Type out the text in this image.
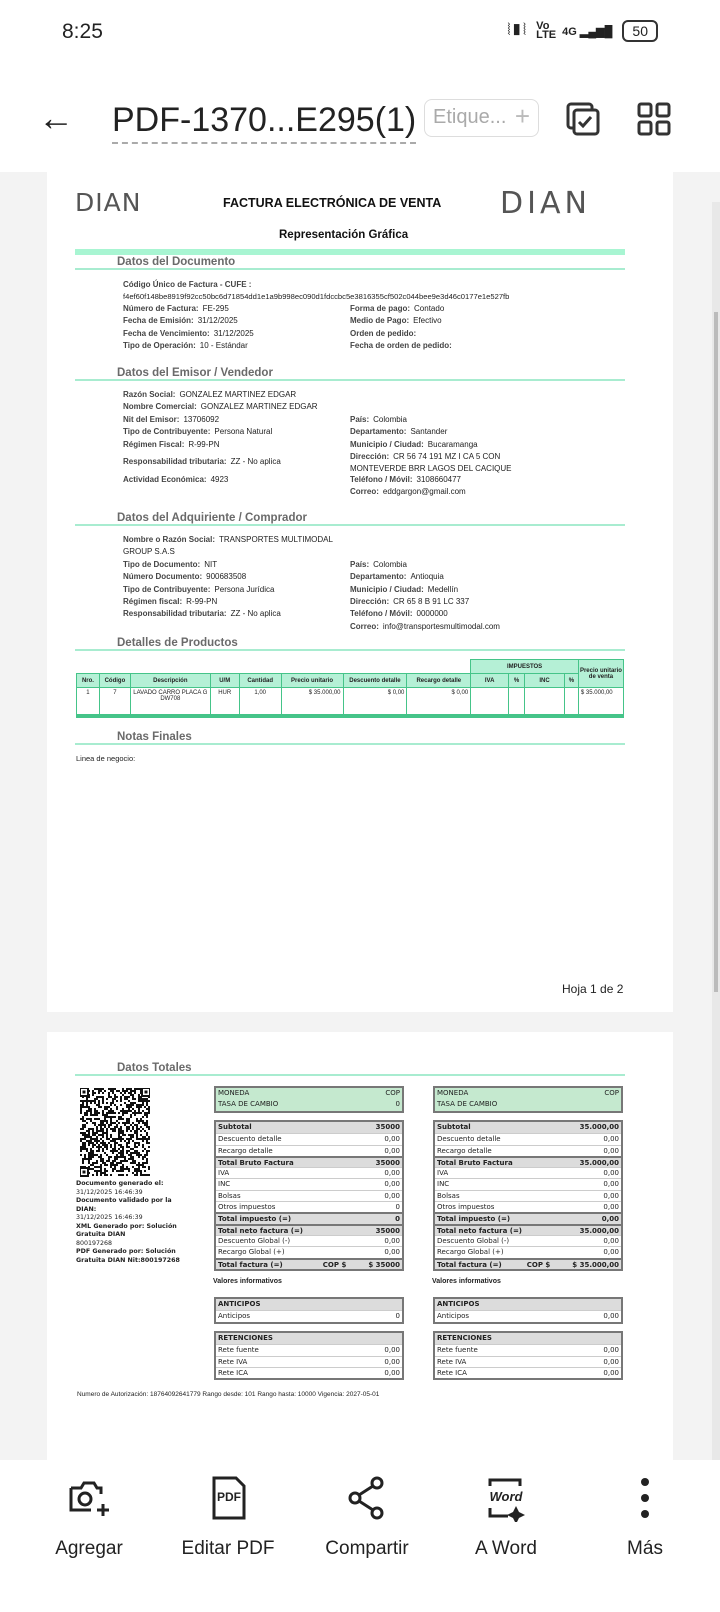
8:25	⦚▮⦚ Vo LTE 4G ▂▄▆█	50
← PDF-1370...E295(1) Etique... +
DIAN	FACTURA ELECTRÓNICA DE VENTA DIAN
Representación Gráfica
Datos del Documento
Código Único de Factura - CUFE :
f4ef60f148be8919f92cc50bc6d71854dd1e1a9b998ec090d1fdccbc5e3816355cf502c044bee9e3d46c0177e1e527fb
Número de Factura: FE-295	Forma de pago: Contado
Fecha de Emisión: 31/12/2025	Medio de Pago: Efectivo
Fecha de Vencimiento: 31/12/2025	Orden de pedido:
Tipo de Operación: 10 - Estándar	Fecha de orden de pedido:
Datos del Emisor / Vendedor
Razón Social: GONZALEZ MARTINEZ EDGAR
Nombre Comercial: GONZALEZ MARTINEZ EDGAR
Nit del Emisor: 13706092	País: Colombia
Tipo de Contribuyente: Persona Natural	Departamento: Santander
Régimen Fiscal: R-99-PN	Municipio / Ciudad: Bucaramanga
Responsabilidad tributaria: ZZ - No aplica
Dirección: CR 56 74 191 MZ I CA 5 CON MONTEVERDE BRR LAGOS DEL CACIQUE
Actividad Económica: 4923	Teléfono / Móvil: 3108660477
Correo: eddgargon@gmail.com
Datos del Adquiriente / Comprador
Nombre o Razón Social: TRANSPORTES MULTIMODAL GROUP S.A.S
Tipo de Documento: NIT	País: Colombia
Número Documento: 900683508	Departamento: Antioquia
Tipo de Contribuyente: Persona Jurídica	Municipio / Ciudad: Medellín
Régimen fiscal: R-99-PN	Dirección: CR 65 8 B 91 LC 337
Responsabilidad tributaria: ZZ - No aplica	Teléfono / Móvil: 0000000
Correo: info@transportesmultimodal.com
Detalles de Productos
								IMPUESTOS				Precio unitario de venta
Nro.	Código	Descripción	U/M	Cantidad	Precio unitario	Descuento detalle	Recargo detalle	IVA	%	INC	%	
1	7	LAVADO CARRO PLACA G DW708	HUR	1,00	$ 35.000,00	$ 0,00	$ 0,00					$ 35.000,00
Notas Finales
Linea de negocio:
Hoja 1 de 2
Datos Totales
Documento generado el:
31/12/2025 16:46:39
Documento validado por la DIAN:
31/12/2025 16:46:39
XML Generado por: Solución Gratuita DIAN
800197268
PDF Generado por: Solución Gratuita DIAN Nit:800197268
Valores informativos	Valores informativos
Numero de Autorización: 18764092641779 Rango desde: 101 Rango hasta: 10000 Vigencia: 2027-05-01
MONEDA	COP
TASA DE CAMBIO	0
Subtotal	35000
Descuento detalle	0,00
Recargo detalle	0,00
Total Bruto Factura	35000
IVA	0,00
INC	0,00
Bolsas	0,00
Otros impuestos	0
Total impuesto (=)	0
Total neto factura (=)	35000
Descuento Global (-)	0,00
Recargo Global (+)	0,00
Total factura (=)	COP $	$ 35000
ANTICIPOS
Anticipos	0
RETENCIONES
Rete fuente	0,00
Rete IVA	0,00
Rete ICA	0,00
MONEDA	COP
TASA DE CAMBIO
Subtotal	35.000,00
Descuento detalle	0,00
Recargo detalle	0,00
Total Bruto Factura	35.000,00
IVA	0,00
INC	0,00
Bolsas	0,00
Otros impuestos	0,00
Total impuesto (=)	0,00
Total neto factura (=)	35.000,00
Descuento Global (-)	0,00
Recargo Global (+)	0,00
Total factura (=)	COP $	$ 35.000,00
ANTICIPOS
Anticipos	0,00
RETENCIONES
Rete fuente	0,00
Rete IVA	0,00
Rete ICA	0,00
Agregar
PDF
Editar PDF	Compartir
Word
A Word	Más
